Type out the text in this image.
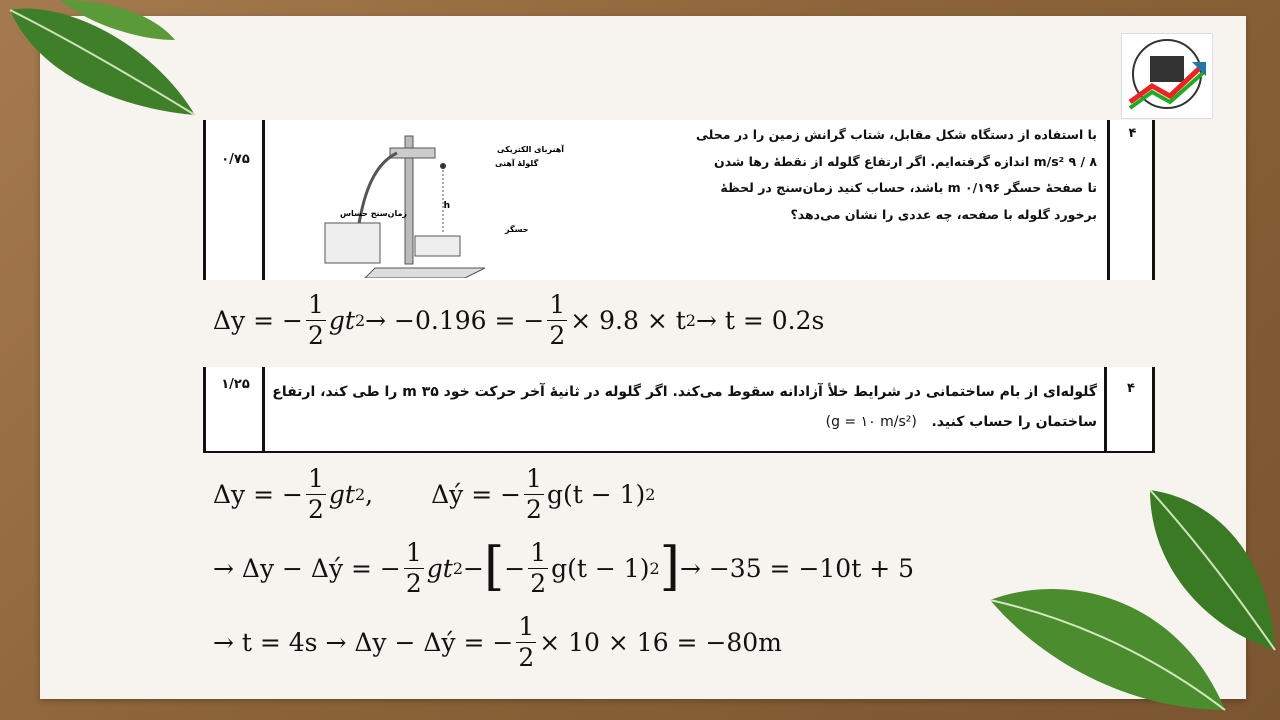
۴
۰/۷۵
با استفاده از دستگاه شکل مقابل، شتاب گرانش زمین را در محلی
m/s² ۹ / ۸ اندازه گرفته‌ایم. اگر ارتفاع گلوله از نقطهٔ رها شدن
تا صفحهٔ حسگر ۰/۱۹۶ m باشد، حساب کنید زمان‌سنج در لحظهٔ
برخورد گلوله با صفحه، چه عددی را نشان می‌دهد؟
آهنربای الکتریکی
گلولهٔ آهنی
h
زمان‌سنج حساس
حسگر
Δy = − $\frac{1}{2}$ gt 2 → −0.196 = − $\frac{1}{2} \times 9.8 \times t$ 2 → t = 0.2s
۴
۱/۲۵	گلوله‌ای از بام ساختمانی در شرایط خلأ آزادانه سقوط می‌کند. اگر گلوله در ثانیهٔ آخر حرکت خود ۳۵ m را طی کند، ارتفاع
ساختمان را حساب کنید.   (g = ۱۰ m/s²)
Δy = − $\frac{1}{2}$ gt 2 , Δý = − $\frac{1}{2} g(t - 1)$ 2
→ Δy − Δý = − $\frac{1}{2}$ gt 2 − [ − $\frac{1}{2} g(t - 1)$ 2 ] → −35 = −10t + 5
→ t = 4s → Δy − Δý = − $\frac{1}{2} \times 10 \times 16 = -80m$
